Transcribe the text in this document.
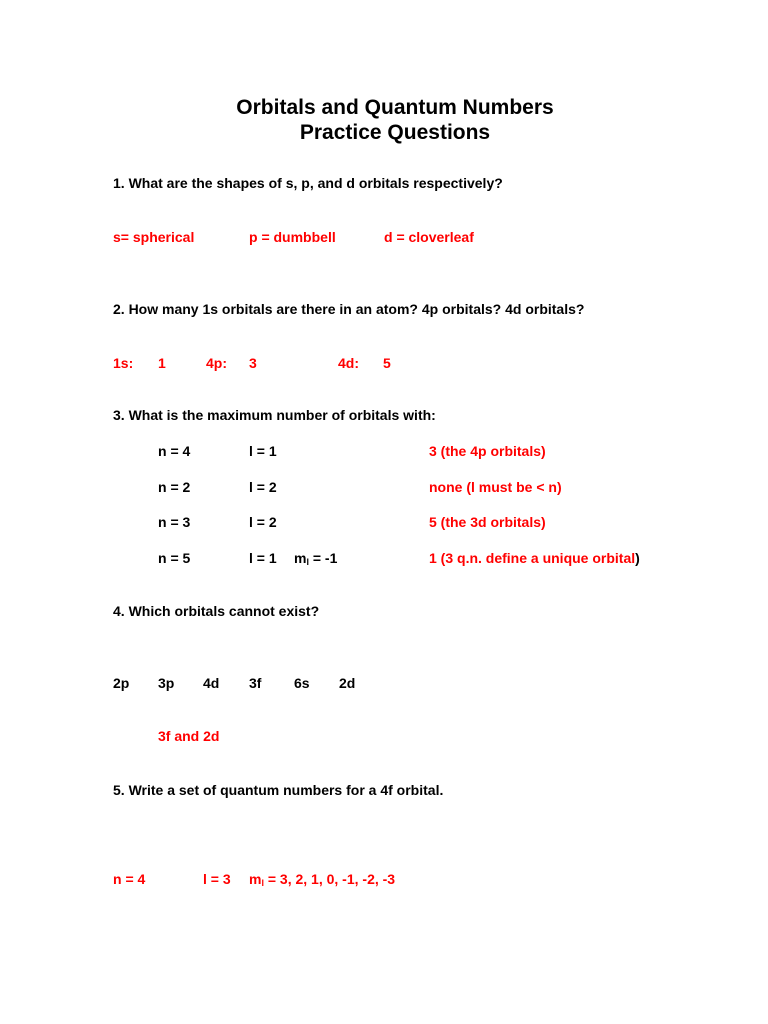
Orbitals and Quantum Numbers
Practice Questions
1. What are the shapes of s, p, and d orbitals respectively?
s= spherical	p = dumbbell	d = cloverleaf
2. How many 1s orbitals are there in an atom? 4p orbitals? 4d orbitals?
1s: 1	4p: 3	4d: 5
3. What is the maximum number of orbitals with:
n = 4	l = 1	3 (the 4p orbitals)
n = 2	l = 2	none (l must be < n)
n = 3	l = 2	5 (the 3d orbitals)
n = 5	l = 1 $m_l = -1$	1 (3 q.n. define a unique orbital)
4. Which orbitals cannot exist?
2p 3p 4d 3f 6s 2d
3f and 2d
5. Write a set of quantum numbers for a 4f orbital.
n = 4	l = 3 $m_l = 3$, 2, 1, 0, -1, -2, -3
